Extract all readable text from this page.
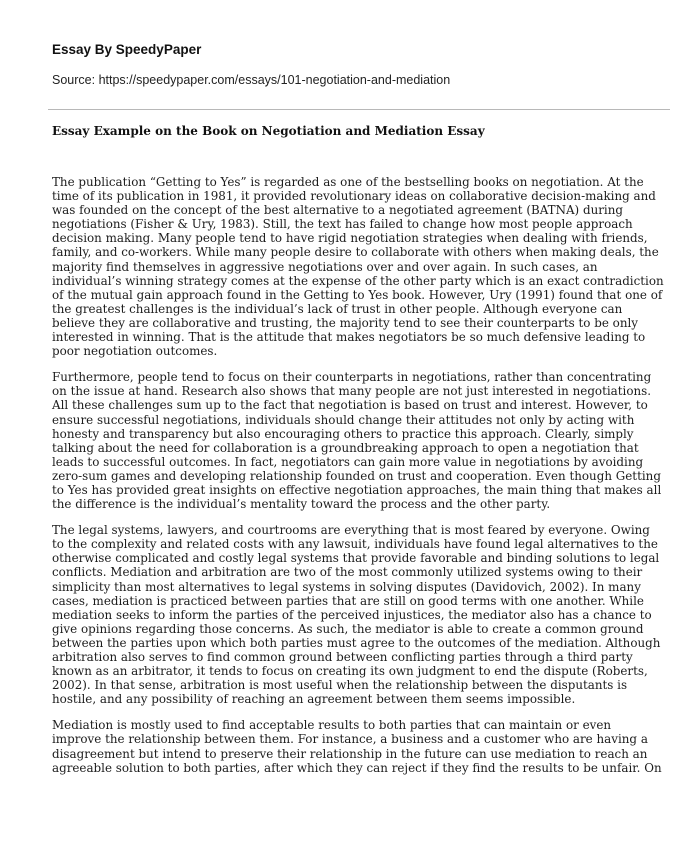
Essay By SpeedyPaper

Source: https://speedypaper.com/essays/101-negotiation-and-mediation

Essay Example on the Book on Negotiation and Mediation Essay

The publication “Getting to Yes” is regarded as one of the bestselling books on negotiation. At the time of its publication in 1981, it provided revolutionary ideas on collaborative decision-making and was founded on the concept of the best alternative to a negotiated agreement (BATNA) during negotiations (Fisher & Ury, 1983). Still, the text has failed to change how most people approach decision making. Many people tend to have rigid negotiation strategies when dealing with friends, family, and co-workers. While many people desire to collaborate with others when making deals, the majority find themselves in aggressive negotiations over and over again. In such cases, an individual’s winning strategy comes at the expense of the other party which is an exact contradiction of the mutual gain approach found in the Getting to Yes book. However, Ury (1991) found that one of the greatest challenges is the individual’s lack of trust in other people. Although everyone can believe they are collaborative and trusting, the majority tend to see their counterparts to be only interested in winning. That is the attitude that makes negotiators be so much defensive leading to poor negotiation outcomes.

Furthermore, people tend to focus on their counterparts in negotiations, rather than concentrating on the issue at hand. Research also shows that many people are not just interested in negotiations. All these challenges sum up to the fact that negotiation is based on trust and interest. However, to ensure successful negotiations, individuals should change their attitudes not only by acting with honesty and transparency but also encouraging others to practice this approach. Clearly, simply talking about the need for collaboration is a groundbreaking approach to open a negotiation that leads to successful outcomes. In fact, negotiators can gain more value in negotiations by avoiding zero-sum games and developing relationship founded on trust and cooperation. Even though Getting to Yes has provided great insights on effective negotiation approaches, the main thing that makes all the difference is the individual’s mentality toward the process and the other party.

The legal systems, lawyers, and courtrooms are everything that is most feared by everyone. Owing to the complexity and related costs with any lawsuit, individuals have found legal alternatives to the otherwise complicated and costly legal systems that provide favorable and binding solutions to legal conflicts. Mediation and arbitration are two of the most commonly utilized systems owing to their simplicity than most alternatives to legal systems in solving disputes (Davidovich, 2002). In many cases, mediation is practiced between parties that are still on good terms with one another. While mediation seeks to inform the parties of the perceived injustices, the mediator also has a chance to give opinions regarding those concerns. As such, the mediator is able to create a common ground between the parties upon which both parties must agree to the outcomes of the mediation. Although arbitration also serves to find common ground between conflicting parties through a third party known as an arbitrator, it tends to focus on creating its own judgment to end the dispute (Roberts, 2002). In that sense, arbitration is most useful when the relationship between the disputants is hostile, and any possibility of reaching an agreement between them seems impossible.

Mediation is mostly used to find acceptable results to both parties that can maintain or even improve the relationship between them. For instance, a business and a customer who are having a disagreement but intend to preserve their relationship in the future can use mediation to reach an agreeable solution to both parties, after which they can reject if they find the results to be unfair. On
